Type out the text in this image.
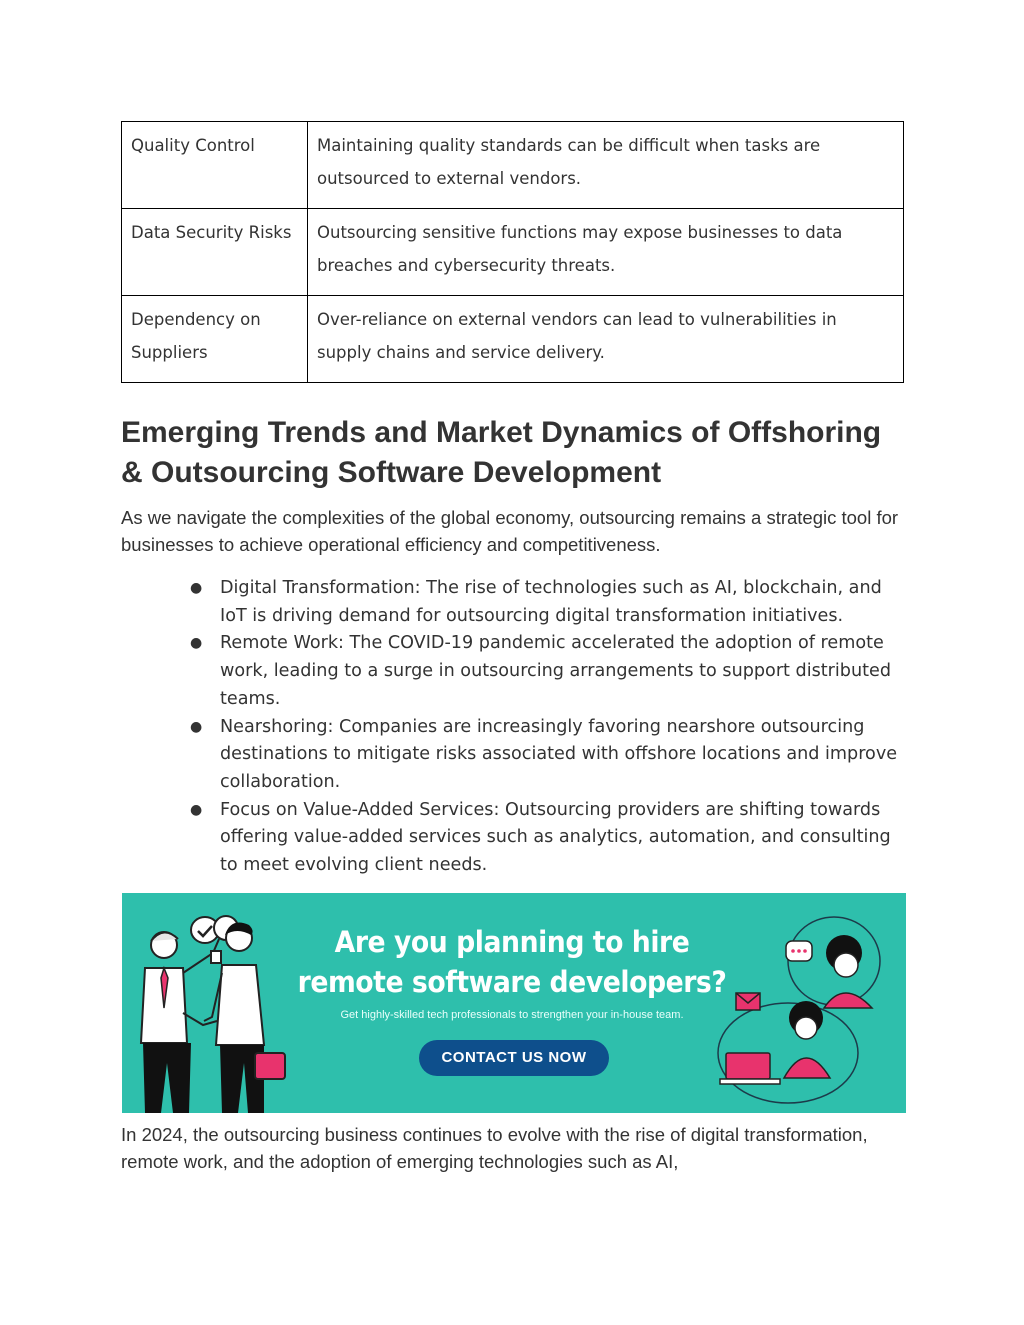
Quality Control	Maintaining quality standards can be difficult when tasks are outsourced to external vendors.
Data Security Risks	Outsourcing sensitive functions may expose businesses to data breaches and cybersecurity threats.
Dependency on Suppliers	Over-reliance on external vendors can lead to vulnerabilities in supply chains and service delivery.
Emerging Trends and Market Dynamics of Offshoring & Outsourcing Software Development

As we navigate the complexities of the global economy, outsourcing remains a strategic tool for businesses to achieve operational efficiency and competitiveness.

● Digital Transformation: The rise of technologies such as AI, blockchain, and IoT is driving demand for outsourcing digital transformation initiatives.
● Remote Work: The COVID-19 pandemic accelerated the adoption of remote work, leading to a surge in outsourcing arrangements to support distributed teams.
● Nearshoring: Companies are increasingly favoring nearshore outsourcing destinations to mitigate risks associated with offshore locations and improve collaboration.
● Focus on Value-Added Services: Outsourcing providers are shifting towards offering value-added services such as analytics, automation, and consulting to meet evolving client needs.
Are you planning to hire
remote software developers?
Get highly-skilled tech professionals to strengthen your in-house team.
CONTACT US NOW

In 2024, the outsourcing business continues to evolve with the rise of digital transformation, remote work, and the adoption of emerging technologies such as AI,
